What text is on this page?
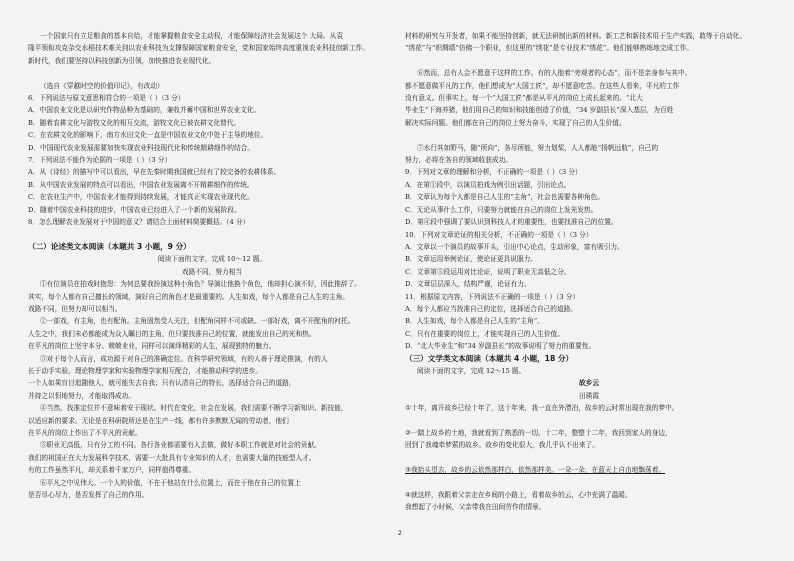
一个国家只有立足粮食的基本自给，才能掌握粮食安全主动权，才能保障经济社会发展这个 大局。从袁

隆平领衔攻克杂交水稻技术难关到以农业科技为支撑保障国家粮食安全，党和国家始终高度重视农业科技创新工作。

新时代，我们要坚持以科技创新为引领，加快推进农业现代化。

（选自《穿越时空的价值印记》，有改动）

6．下列说法与原文意思相符合的一项是（ ）（3 分）

A．中国农业文化是以研究作物品种为基础的，兼收并蓄中国和世界农业文化。

B．随着农耕文化与游牧文化的相互交流，游牧文化已被农耕文化替代。

C．在农耕文化的影响下，南方水田文化一直是中国农业文化中处于主导的地位。

D．中国现代农业发展需要加快实现农业科技现代化和传统精耕细作的结合。

7．下列说法不能作为论据的一项是（ ）（3 分）

A．从《诗经》的描写中可以看出，早在先秦时期我国就已经有了较完备的农耕体系。

B．从中国农业发展的特点可以看出，中国农业发展离不开精耕细作的传统。

C．在农业生产中，中国农业才能得到持续发展，才能真正实现农业现代化。

D．随着中国农业科技的进步，中国农业已经进入了一个新的发展阶段。

8．怎么理解农业发展对于中国的意义？请结合上面材料简要概括。（4 分）

（二）论述类文本阅读（本题共 3 小题，9 分）

阅读下面的文字，完成 10～12 题。

戏路不同，努力相当

①有位演员在拍戏时抱怨：为何总要我扮演这种小角色？导演让他换个角色，他却担心演不好，因此推辞了。

其实，每个人都有自己擅长的领域，演好自己的角色才是最重要的。人生如戏，每个人都是自己人生的主角。

戏路不同，但努力却可以相当。

②一部戏，有主角，也有配角。主角固然受人关注，但配角同样不可或缺。一部好戏，离不开配角的衬托。

人生之中，我们未必都能成为众人瞩目的主角，但只要找准自己的位置，就能发出自己的光和热。

在平凡的岗位上坚守本分、兢兢业业，同样可以演绎精彩的人生，展现独特的魅力。

③对于每个人而言，成功源于对自己的准确定位。在科学研究领域，有的人善于理论推演，有的人

长于动手实验。理论物理学家和实验物理学家相互配合，才能推动科学的进步。

一个人如果盲目追随他人，就可能失去自我；只有认清自己的特长，选择适合自己的道路，

并持之以恒地努力，才能取得成功。

④当然，找准定位并不意味着安于现状。时代在变化，社会在发展，我们需要不断学习新知识、新技能，

以适应新的要求。无论是在科研院所还是在生产一线，都有许多默默无闻的劳动者，他们

在平凡的岗位上作出了不平凡的贡献。

⑤职业无高低，只有分工的不同。各行各业都需要有人去做，做好本职工作就是对社会的贡献。

我们的祖国正在大力发展科学技术，需要一大批具有专业知识的人才，也需要大量的技能型人才。

有的工作虽然平凡，却关系着千家万户，同样值得尊重。

⑥平凡之中见伟大。一个人的价值，不在于他站在什么位置上，而在于他在自己的位置上

是否尽心尽力，是否发挥了自己的作用。

材料的研究与开发者，如果不能坚持创新，就无法研制出新的材料。新工艺和新技术用于生产实践，敢等于自动化。

“绣花”与“织绸绩”仿佛一个职业，但这里的“绣花”是专业技术“绣花”。他们能够熟练地完成工作。

⑥然而，总有人会不愿意干这样的工作。有的人抱着“旁观者的心态”，而不是亲身参与其中。

都不愿意做平凡的工作，他们想成为“大国工匠”，却不愿意吃苦。在这些人看来，平凡的工作

没有意义。但事实上，每一个“大国工匠”都是从平凡的岗位上成长起来的。“北大

毕业生”下海养猪，他们用自己的知识和技能创造了价值，“34 岁副县长”深入基层，为百姓

解决实际问题。他们都在自己的岗位上努力奋斗，实现了自己的人生价值。

⑦水行其如野马，随“所向”，各尽所能，努力划桨，人人都能“扬帆远航”，自己的

努力，必将在各自的领域收获成功。

9．下列对文章的理解和分析，不正确的一项是（ ）（3 分）

A．在第①段中，以演员拍戏为例引出话题，引出论点。

B．文章认为每个人都是自己人生的“主角”，社会也需要各种角色。

C．无论从事什么工作，只要努力就能在自己的岗位上发光发热。

D．第④段中强调了要认识到科技人才的重要性，也要找准自己的位置。

10．下列对文章论证的相关分析，不正确的一项是（ ）（3 分）

A．文章以一个演员的故事开头，引出中心论点，生动形象，富有吸引力。

B．文章运用举例论证，使论证更具说服力。

C．文章第⑤段运用对比论证，说明了职业无高低之分。

D．文章层层深入，结构严谨，论证有力。

11．根据原文内容，下列说法不正确的一项是（ ）（3 分）

A．每个人都应当找准自己的定位，选择适合自己的道路。

B．人生如戏，每个人都是自己人生的“主角”。

C．只有在重要的岗位上，才能实现自己的人生价值。

D．“北大毕业生”和“34 岁副县长”的故事说明了努力的重要性。

（三）文学类文本阅读（本题共 4 小题，18 分）

阅读下面的文字，完成 12～15 题。

故乡云

田瑛霞

①十年，离开故乡已经十年了，这十年来，我一直在外漂泊，故乡的云时常出现在我的梦中。

②一踏上故乡的土地，我就看到了熟悉的一切。十二年，整整十二年，我回到家人的身边，

回到了我魂牵梦萦的故乡。故乡的变化很大，我几乎认不出来了。

③我抬头望去，故乡的云依然那样白，依然那样美。一朵一朵，在蓝天上自由地飘荡着。

④就这样，我跟着父亲走在乡间的小路上，看着故乡的云，心中充满了温暖。

我想起了小时候，父亲带我在田间劳作的情景。

2
